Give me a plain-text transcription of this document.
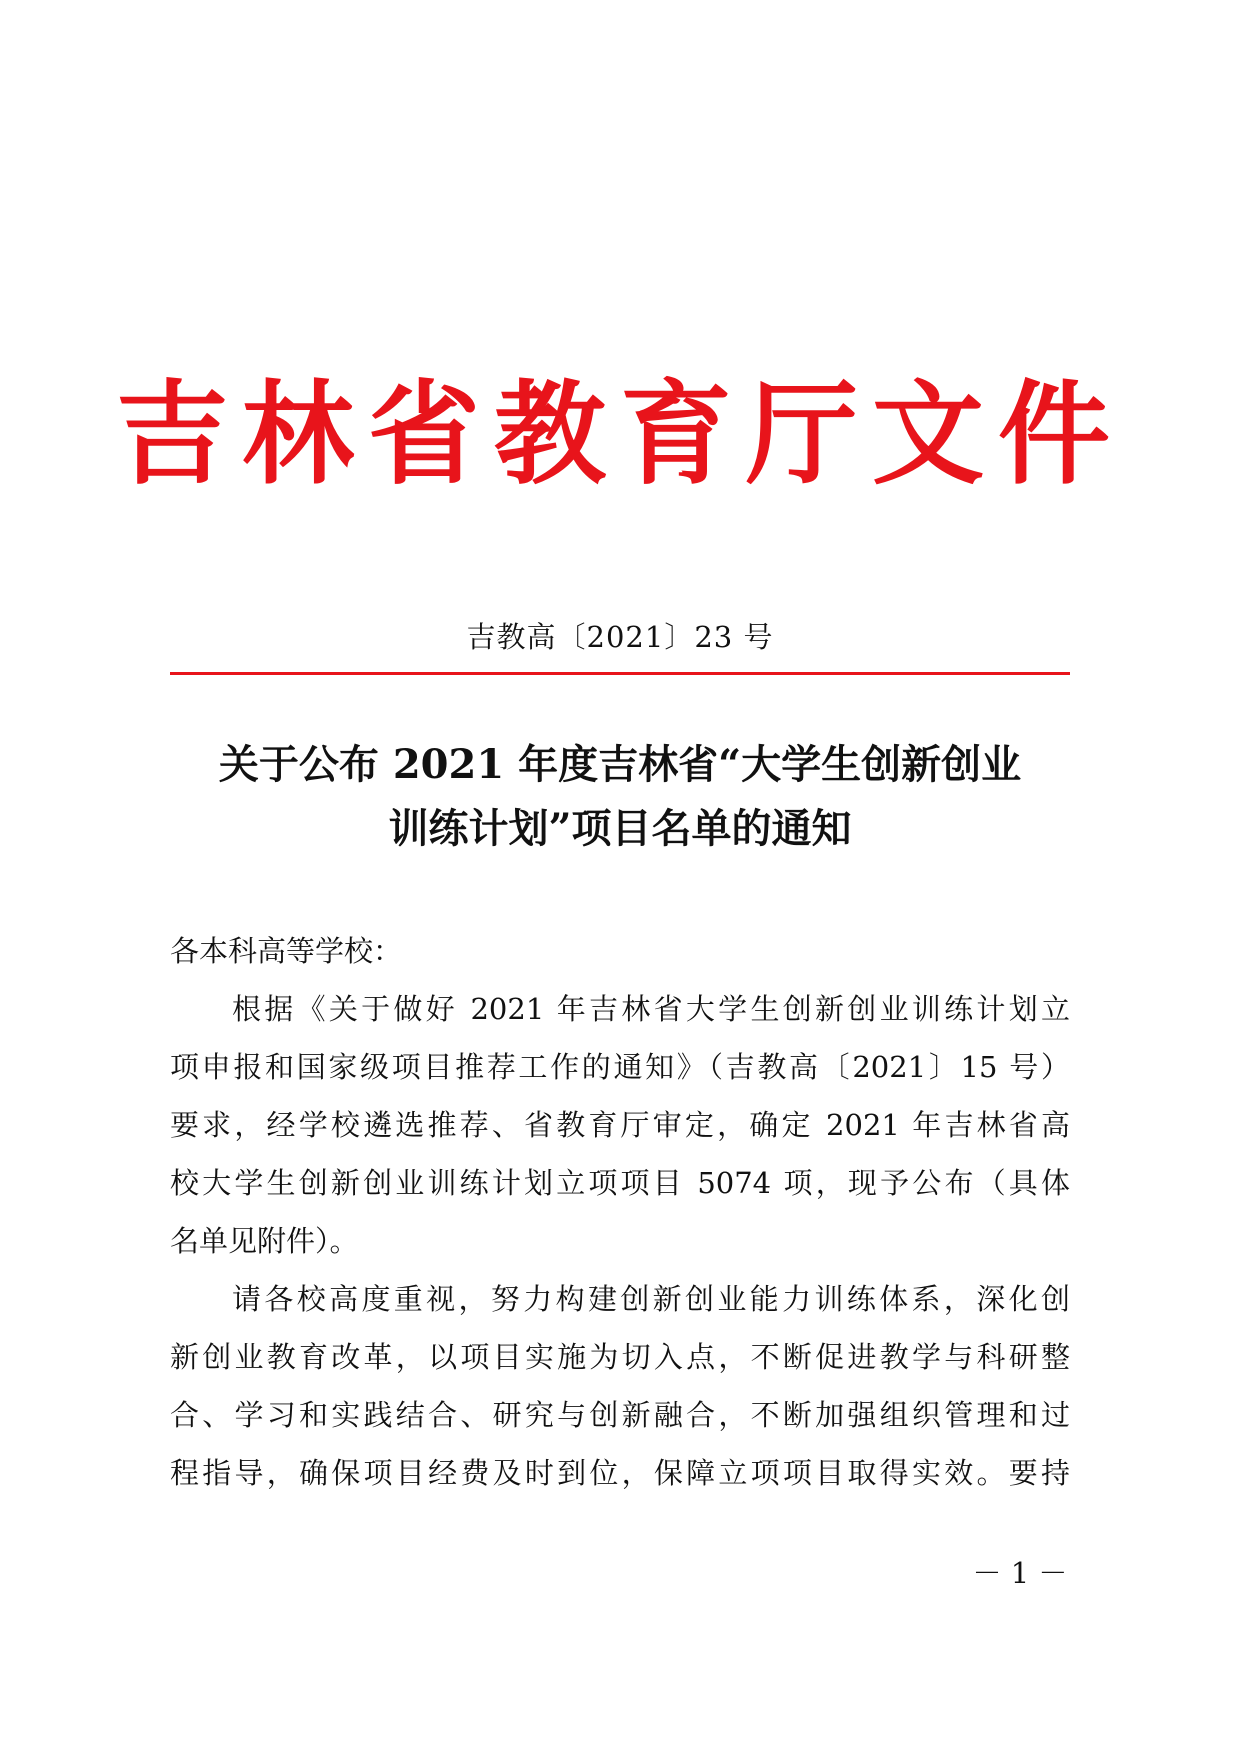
吉林省教育厅文件
吉教高〔2021〕23 号
关于公布 2021 年度吉林省“大学生创新创业
训练计划”项目名单的通知
各本科高等学校：
根据《关于做好 2021 年吉林省大学生创新创业训练计划立
项申报和国家级项目推荐工作的通知》（吉教高〔2021〕15 号）
要求，经学校遴选推荐、省教育厅审定，确定 2021 年吉林省高
校大学生创新创业训练计划立项项目 5074 项，现予公布（具体
名单见附件）。
请各校高度重视，努力构建创新创业能力训练体系，深化创
新创业教育改革，以项目实施为切入点，不断促进教学与科研整
合、学习和实践结合、研究与创新融合，不断加强组织管理和过
程指导，确保项目经费及时到位，保障立项项目取得实效。要持
－ 1 －
